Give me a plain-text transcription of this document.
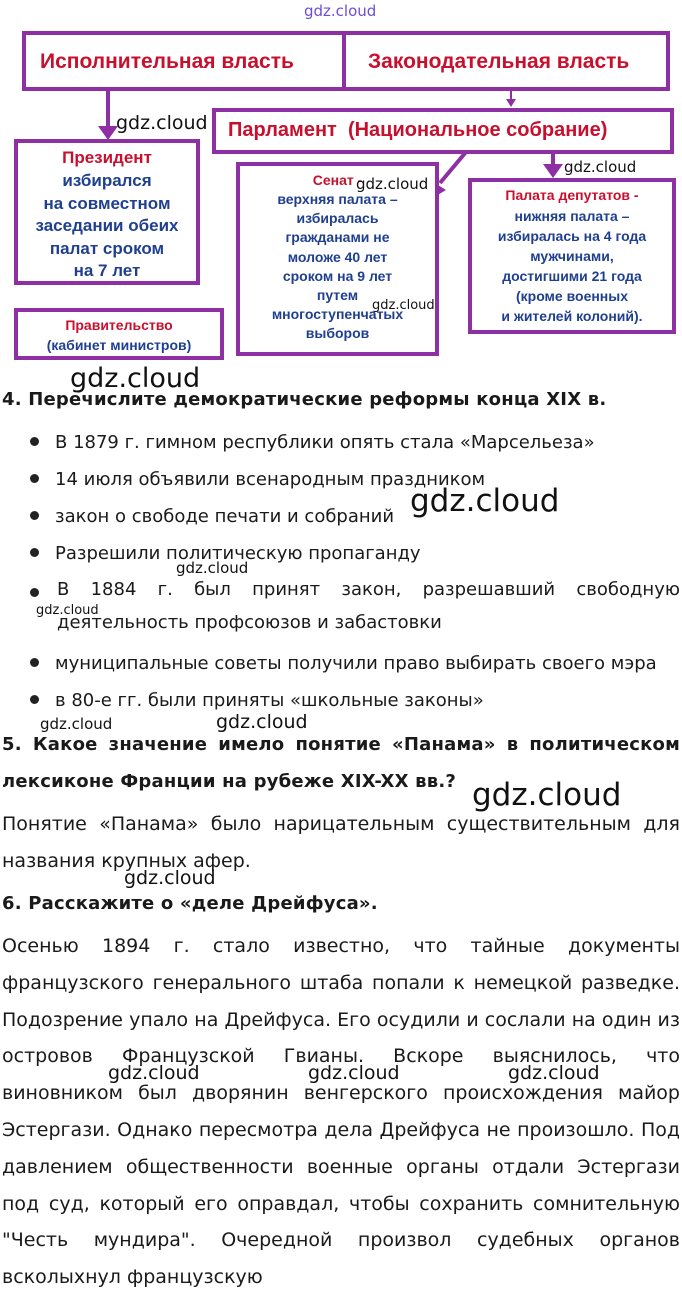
gdz.cloud
Исполнительная власть	Законодательная власть
Парламент  (Национальное собрание)
Президент
избирался
на совместном
заседании обеих
палат сроком
на 7 лет
Сенат -
верхняя палата –
избиралась
гражданами не
моложе 40 лет
сроком на 9 лет
путем
многоступенчатых
выборов
Палата депутатов -
нижняя палата –
избиралась на 4 года
мужчинами,
достигшими 21 года
(кроме военных
и жителей колоний).
Правительство
(кабинет министров)
gdz.cloud
gdz.cloud
gdz.cloud
gdz.cloud
gdz.cloud
4. Перечислите демократические реформы конца XIX в.
В 1879 г. гимном республики опять стала «Марсельеза»
14 июля объявили всенародным праздником
закон о свободе печати и собраний
Разрешили политическую пропаганду
В 1884 г. был принят закон, разрешавший свободную
деятельность профсоюзов и забастовки
муниципальные советы получили право выбирать своего мэра
в 80-е гг. были приняты «школьные законы»
gdz.cloud
gdz.cloud
gdz.cloud
gdz.cloud	gdz.cloud
5. Какое значение имело понятие «Панама» в политическом
лексиконе Франции на рубеже XIX-XX вв.? gdz.cloud
Понятие «Панама» было нарицательным существительным для названия крупных афер.
gdz.cloud
6. Расскажите о «деле Дрейфуса».
Осенью 1894 г. стало известно, что тайные документы французского генерального штаба попали к немецкой разведке. Подозрение упало на Дрейфуса. Его осудили и сослали на один из островов Французской Гвианы. Вскоре выяснилось, что виновником был дворянин венгерского происхождения майор Эстергази. Однако пересмотра дела Дрейфуса не произошло. Под давлением общественности военные органы отдали Эстергази под суд, который его оправдал, чтобы сохранить сомнительную "Честь мундира". Очередной произвол судебных органов всколыхнул французскую
gdz.cloud	gdz.cloud	gdz.cloud
